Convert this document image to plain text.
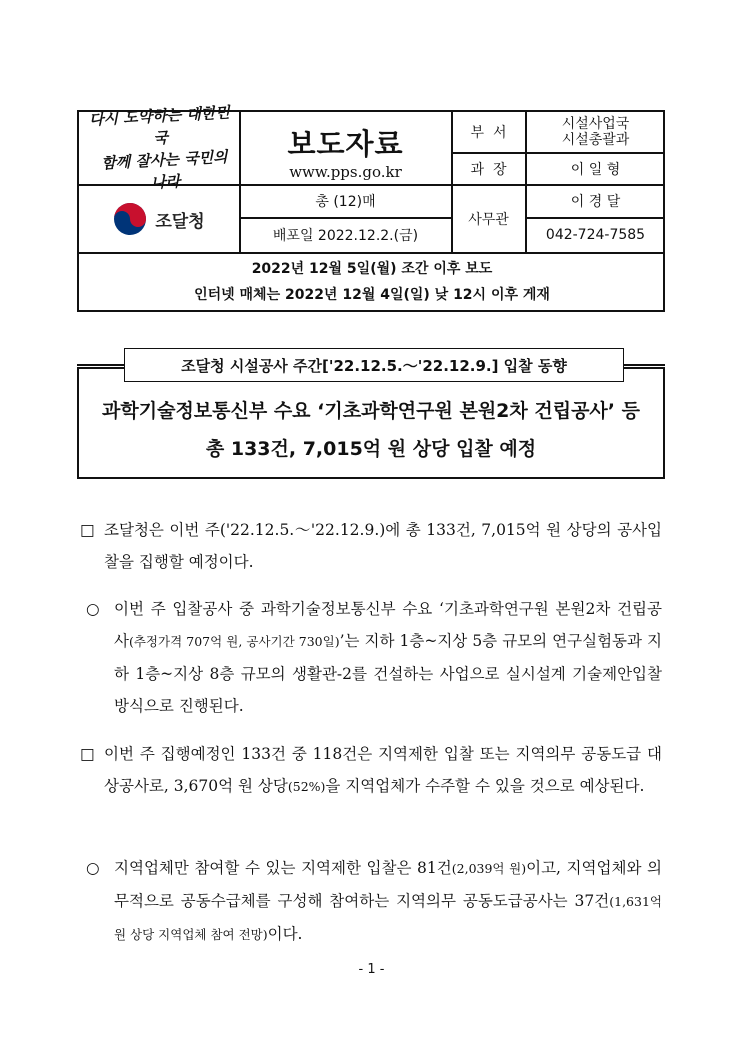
다시 도약하는 대한민국
함께 잘사는 국민의 나라
조달청
보도자료
www.pps.go.kr
총 (12)매
배포일 2022.12.2.(금)
부  서
과  장
사무관
시설사업국
시설총괄과
이 일 형
이 경 달
042-724-7585
2022년 12월 5일(월) 조간 이후 보도
인터넷 매체는 2022년 12월 4일(일) 낮 12시 이후 게재
조달청 시설공사 주간['22.12.5.～'22.12.9.] 입찰 동향
과학기술정보통신부 수요 ‘기초과학연구원 본원2차 건립공사’ 등
총 133건, 7,015억 원 상당 입찰 예정
□ 조달청은 이번 주('22.12.5.～'22.12.9.)에 총 133건, 7,015억 원 상당의 공사입찰을 집행할 예정이다.
○ 이번 주 입찰공사 중 과학기술정보통신부 수요 ‘기초과학연구원 본원2차 건립공사(추정가격 707억 원, 공사기간 730일)’는 지하 1층~지상 5층 규모의 연구실험동과 지하 1층~지상 8층 규모의 생활관-2를 건설하는 사업으로 실시설계 기술제안입찰 방식으로 진행된다.
□ 이번 주 집행예정인 133건 중 118건은 지역제한 입찰 또는 지역의무 공동도급 대상공사로, 3,670억 원 상당(52%)을 지역업체가 수주할 수 있을 것으로 예상된다.
○ 지역업체만 참여할 수 있는 지역제한 입찰은 81건(2,039억 원)이고, 지역업체와 의무적으로 공동수급체를 구성해 참여하는 지역의무 공동도급공사는 37건(1,631억 원 상당 지역업체 참여 전망)이다.
- 1 -
